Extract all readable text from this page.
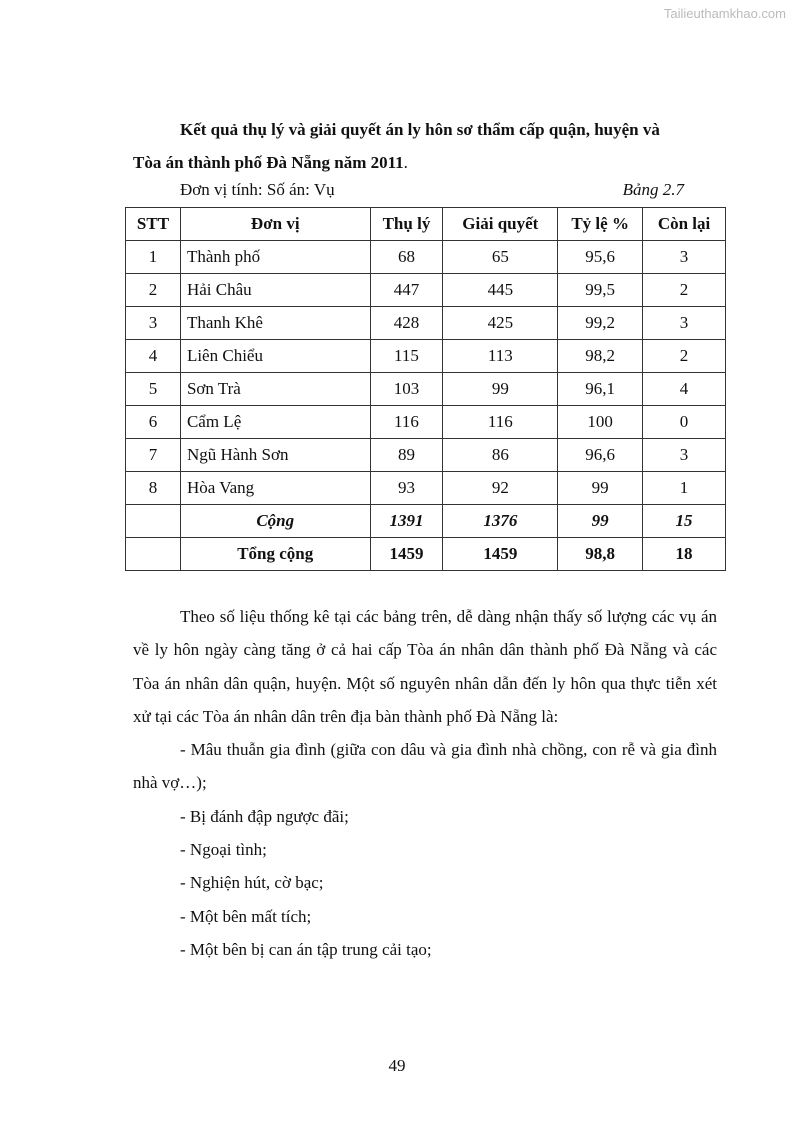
Tailieuthamkhao.com
Kết quả thụ lý và giải quyết án ly hôn sơ thẩm cấp quận, huyện và
Tòa án thành phố Đà Nẵng năm 2011.
Đơn vị tính: Số án: Vụ	Bảng 2.7
STT	Đơn vị	Thụ lý	Giải quyết	Tỷ lệ %	Còn lại
1	Thành phố	68	65	95,6	3
2	Hải Châu	447	445	99,5	2
3	Thanh Khê	428	425	99,2	3
4	Liên Chiểu	115	113	98,2	2
5	Sơn Trà	103	99	96,1	4
6	Cẩm Lệ	116	116	100	0
7	Ngũ Hành Sơn	89	86	96,6	3
8	Hòa Vang	93	92	99	1
	Cộng	1391	1376	99	15
	Tổng cộng	1459	1459	98,8	18

Theo số liệu thống kê tại các bảng trên, dễ dàng nhận thấy số lượng các vụ án về ly hôn ngày càng tăng ở cả hai cấp Tòa án nhân dân thành phố Đà Nẵng và các Tòa án nhân dân quận, huyện. Một số nguyên nhân dẫn đến ly hôn qua thực tiễn xét xử tại các Tòa án nhân dân trên địa bàn thành phố Đà Nẵng là:

- Mâu thuẫn gia đình (giữa con dâu và gia đình nhà chồng, con rễ và gia đình nhà vợ…);

- Bị đánh đập ngược đãi;

- Ngoại tình;

- Nghiện hút, cờ bạc;

- Một bên mất tích;

- Một bên bị can án tập trung cải tạo;

49
